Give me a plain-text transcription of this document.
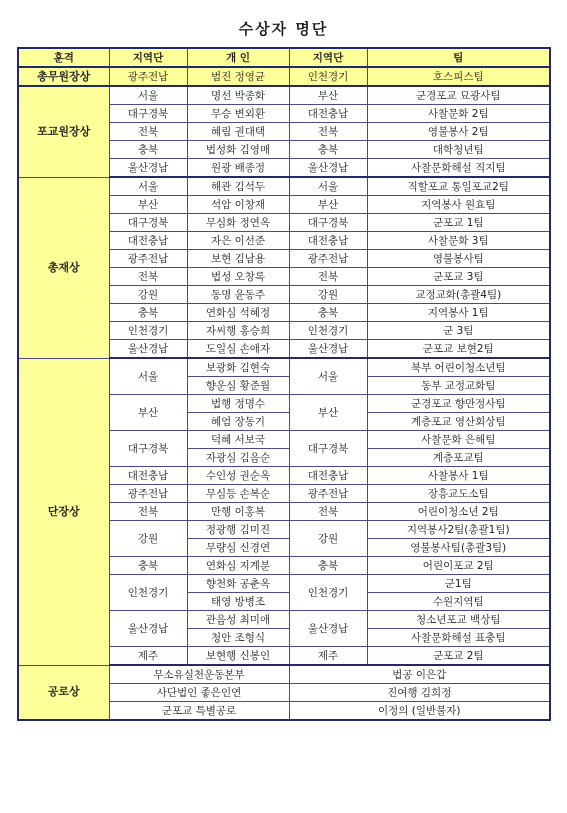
수상자 명단
훈격	지역단	개 인	지역단	팀
총무원장상	광주전남	범진 정영균	인천경기	호스피스팀
포교원장상	서울	명선 박종화	부산	군경포교 묘광사팀
	대구경북	무승 변외환	대전충남	사찰문화 2팀
	전북	혜림 권대택	전북	영불봉사 2팀
	충북	법성화 김영매	충북	대학청년팀
	울산경남	원광 배종정	울산경남	사찰문화해설 직지팀
총재상	서울	해관 김석두	서울	직할포교 통일포교2팀
	부산	석암 이창재	부산	지역봉사 원효팀
	대구경북	무심화 정연옥	대구경북	군포교 1팀
	대전충남	자은 이선준	대전충남	사찰문화 3팀
	광주전남	보현 김남용	광주전남	영불봉사팀
	전북	법성 오창록	전북	군포교 3팀
	강원	동명 윤동주	강원	교정교화(총괄4팀)
	충북	연화심 석혜정	충북	지역봉사 1팀
	인천경기	자씨행 홍승희	인천경기	군 3팀
	울산경남	도일심 손애자	울산경남	군포교 보현2팀
단장상	서울	보광화 김현숙	서울	북부 어린이청소년팀
		향운심 황준월		동부 교정교화팀
	부산	법행 정명수	부산	군경포교 향만정사팀
		혜엄 장동기		계층포교 영산회상팀
	대구경북	덕혜 서보국	대구경북	사찰문화 은해팀
		자광심 김음순		계층포교팀
	대전충남	수인성 권순옥	대전충남	사찰봉사 1팀
	광주전남	무심등 손복순	광주전남	장흥교도소팀
	전북	만행 이홍복	전북	어린이청소년 2팀
	강원	정광행 김미진	강원	지역봉사2팀(총괄1팀)
		무량심 신경연		영불봉사팀(총괄3팀)
	충북	연화심 지계분	충북	어린이포교 2팀
	인천경기	향천화 공춘옥	인천경기	군1팀
		태영 방병조		수원지역팀
	울산경남	관음성 최미애	울산경남	청소년포교 백상팀
		청안 조형식		사찰문화해설 표충팀
	제주	보현행 신봉인	제주	군포교 2팀
공로상	무소유실천운동본부		법공 이은갑	
	사단법인 좋은인연		진여행 김희정	
	군포교 특별공로		이정의 (일반불자)	
